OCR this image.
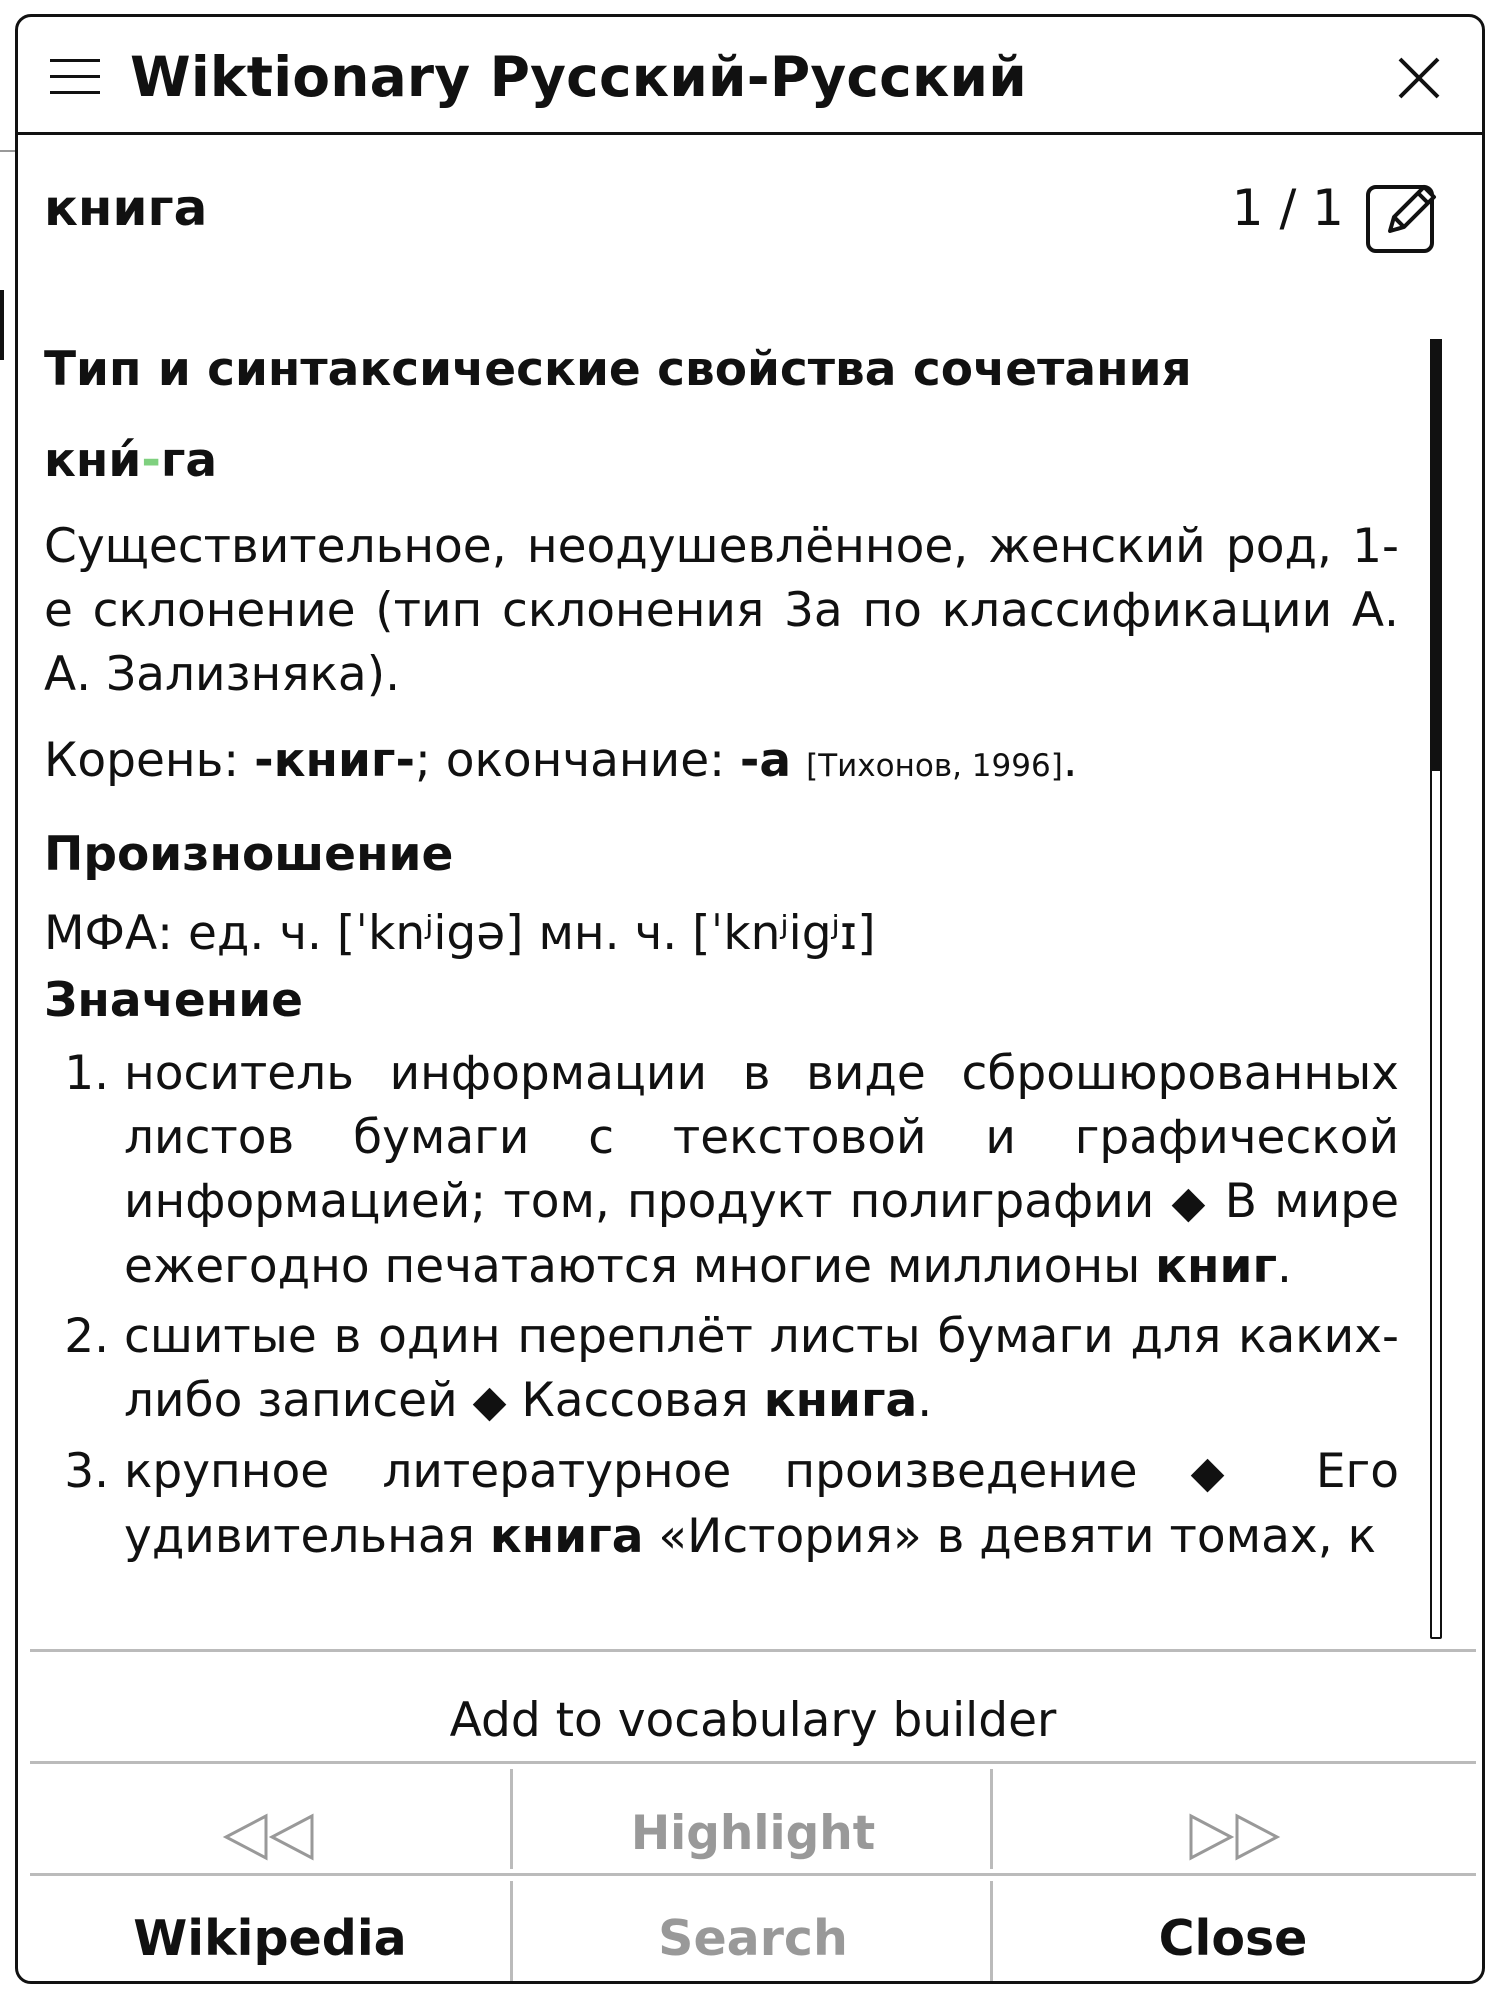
Wiktionary Русский-Русский
книга	1 / 1
Тип и синтаксические свойства сочетания
кни́-га

Существительное, неодушевлённое, женский род, 1-е склонение (тип склонения 3a по классификации А. А. Зализняка).

Корень: -книг-; окончание: -а [Тихонов, 1996].

Произношение

МФА: ед. ч. [ˈknʲigə] мн. ч. [ˈknʲigʲɪ]

Значение
1. носитель информации в виде сброшюрованных листов бумаги с текстовой и графической информацией; том, продукт полиграфии ◆ В мире ежегодно печатаются многие миллионы книг.
2. сшитые в один переплёт листы бумаги для каких-либо записей ◆ Кассовая книга.
3. крупное литературное произведение ◆ Его удивительная книга «История» в девяти томах, к
Add to vocabulary builder
Highlight
Wikipedia	Search	Close
